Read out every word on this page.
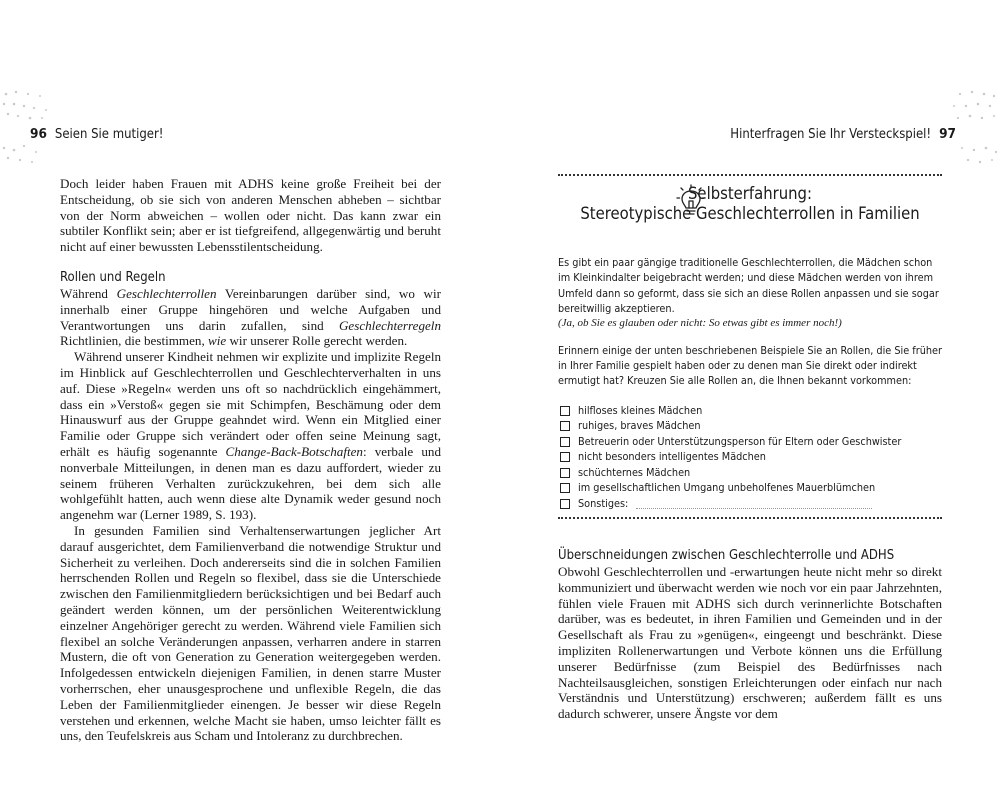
96 Seien Sie mutiger!	Hinterfragen Sie Ihr Versteckspiel! 97

Doch leider haben Frauen mit ADHS keine große Freiheit bei der Entscheidung, ob sie sich von anderen Menschen abheben – sichtbar von der Norm abweichen – wollen oder nicht. Das kann zwar ein subtiler Konflikt sein; aber er ist tiefgreifend, allgegenwärtig und beruht nicht auf einer bewussten Lebensstilentscheidung.

Rollen und Regeln

Während Geschlechterrollen Vereinbarungen darüber sind, wo wir innerhalb einer Gruppe hingehören und welche Aufgaben und Verantwortungen uns darin zufallen, sind Geschlechterregeln Richtlinien, die bestimmen, wie wir unserer Rolle gerecht werden.

Während unserer Kindheit nehmen wir explizite und implizite Regeln im Hinblick auf Geschlechterrollen und Geschlechterverhalten in uns auf. Diese »Regeln« werden uns oft so nachdrücklich eingehämmert, dass ein »Verstoß« gegen sie mit Schimpfen, Beschämung oder dem Hinauswurf aus der Gruppe geahndet wird. Wenn ein Mitglied einer Familie oder Gruppe sich verändert oder offen seine Meinung sagt, erhält es häufig sogenannte Change-Back-Botschaften: verbale und nonverbale Mitteilungen, in denen man es dazu auffordert, wieder zu seinem früheren Verhalten zurückzukehren, bei dem sich alle wohlgefühlt hatten, auch wenn diese alte Dynamik weder gesund noch angenehm war (Lerner 1989, S. 193).

In gesunden Familien sind Verhaltenserwartungen jeglicher Art darauf ausgerichtet, dem Familienverband die notwendige Struktur und Sicherheit zu verleihen. Doch andererseits sind die in solchen Familien herrschenden Rollen und Regeln so flexibel, dass sie die Unterschiede zwischen den Familienmitgliedern berücksichtigen und bei Bedarf auch geändert werden können, um der persönlichen Weiterentwicklung einzelner Angehöriger gerecht zu werden. Während viele Familien sich flexibel an solche Veränderungen anpassen, verharren andere in starren Mustern, die oft von Generation zu Generation weitergegeben werden. Infolgedessen entwickeln diejenigen Familien, in denen starre Muster vorherrschen, eher unausgesprochene und unflexible Regeln, die das Leben der Familienmitglieder einengen. Je besser wir diese Regeln verstehen und erkennen, welche Macht sie haben, umso leichter fällt es uns, den Teufelskreis aus Scham und Intoleranz zu durchbrechen.

Selbsterfahrung:
Stereotypische Geschlechterrollen in Familien

Es gibt ein paar gängige traditionelle Geschlechterrollen, die Mädchen schon im Kleinkindalter beigebracht werden; und diese Mädchen werden von ihrem Umfeld dann so geformt, dass sie sich an diese Rollen anpassen und sie sogar bereitwillig akzeptieren.

(Ja, ob Sie es glauben oder nicht: So etwas gibt es immer noch!)

Erinnern einige der unten beschriebenen Beispiele Sie an Rollen, die Sie früher in Ihrer Familie gespielt haben oder zu denen man Sie direkt oder indirekt ermutigt hat? Kreuzen Sie alle Rollen an, die Ihnen bekannt vorkommen:

hilfloses kleines Mädchen
ruhiges, braves Mädchen
Betreuerin oder Unterstützungsperson für Eltern oder Geschwister
nicht besonders intelligentes Mädchen
schüchternes Mädchen
im gesellschaftlichen Umgang unbeholfenes Mauerblümchen
Sonstiges:
Überschneidungen zwischen Geschlechterrolle und ADHS

Obwohl Geschlechterrollen und -erwartungen heute nicht mehr so direkt kommuniziert und überwacht werden wie noch vor ein paar Jahrzehnten, fühlen viele Frauen mit ADHS sich durch verinnerlichte Botschaften darüber, was es bedeutet, in ihren Familien und Gemeinden und in der Gesellschaft als Frau zu »genügen«, eingeengt und beschränkt. Diese impliziten Rollenerwartungen und Verbote können uns die Erfüllung unserer Bedürfnisse (zum Beispiel des Bedürfnisses nach Nachteilsausgleichen, sonstigen Erleichterungen oder einfach nur nach Verständnis und Unterstützung) erschweren; außerdem fällt es uns dadurch schwerer, unsere Ängste vor dem
